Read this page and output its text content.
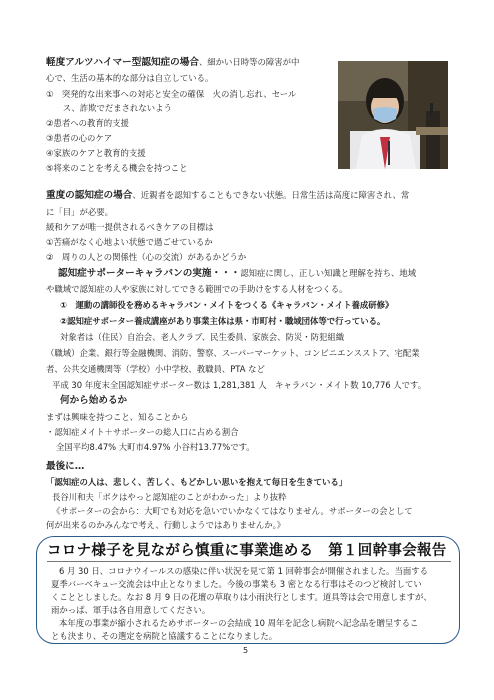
軽度アルツハイマー型認知症の場合、細かい日時等の障害が中
心で、生活の基本的な部分は自立している。
①　突発的な出来事への対応と安全の確保　火の消し忘れ、セール
　　ス、詐欺でだまされないよう
②患者への教育的支援
③患者の心のケア
④家族のケアと教育的支援
⑤将来のことを考える機会を持つこと
重度の認知症の場合、近親者を認知することもできない状態。日常生活は高度に障害され、常
に「目」が必要。
緩和ケアが唯一提供されるべきケアの目標は
①苦痛がなく心地よい状態で過ごせているか
②　周りの人との関係性（心の交流）があるかどうか
認知症サポーターキャラバンの実施・・・認知症に関し、正しい知識と理解を持ち、地域
や職域で認知症の人や家族に対してできる範囲での手助けをする人材をつくる。
①　運動の講師役を務めるキャラバン・メイトをつくる《キャラバン・メイト養成研修》
②認知症サポーター養成講座があり事業主体は県・市町村・職域団体等で行っている。
対象者は（住民）自治会、老人クラブ、民生委員、家族会、防災・防犯組織
（職域）企業、銀行等金融機関、消防、警察、スーパーマーケット、コンビニエンスストア、宅配業
者、公共交通機関等（学校）小中学校、教職員、PTA など
平成 30 年度末全国認知症サポーター数は 1,281,381 人　キャラバン・メイト数 10,776 人です。
何から始めるか
まずは興味を持つこと、知ることから
・認知症メイト＋サポーターの総人口に占める割合
全国平均8.47% 大町市4.97% 小谷村13.77%です。
最後に…
「認知症の人は、悲しく、苦しく、もどかしい思いを抱えて毎日を生きている」
長谷川和夫「ボクはやっと認知症のことがわかった」より抜粋
《サポーターの会から：大町でも対応を急いでいかなくてはなりません。サポーターの会として
何が出来るのかみんなで考え、行動しようではありませんか。》
コロナ様子を見ながら慎重に事業進める　第１回幹事会報告
6 月 30 日、コロナウイールスの感染に伴い状況を見て第 1 回幹事会が開催されました。当面する
夏季バーベキュー交流会は中止となりました。今後の事業も 3 密となる行事はそのつど検討してい
くこととしました。なお 8 月 9 日の花壇の草取りは小雨決行とします。道具等は会で用意しますが、
雨かっぱ、軍手は各自用意してください。
本年度の事業が縮小されるためサポーターの会結成 10 周年を記念し病院へ記念品を贈呈するこ
とも決まり、その選定を病院と協議することになりました。
5
